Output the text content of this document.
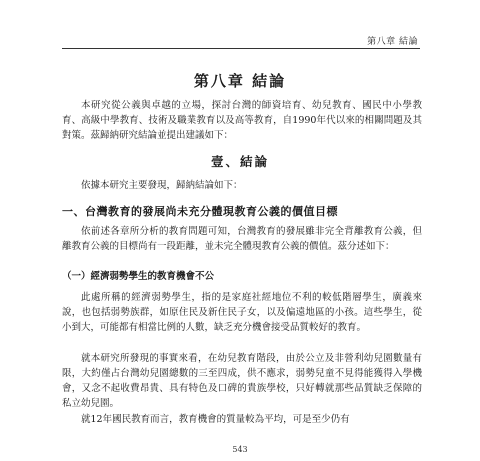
第八章 結論
第八章 結論

本研究從公義與卓越的立場，探討台灣的師資培育、幼兒教育、國民中小學教育、高級中學教育、技術及職業教育以及高等教育，自1990年代以來的相關問題及其對策。茲歸納研究結論並提出建議如下：

壹、結論

依據本研究主要發現，歸納結論如下：

一、台灣教育的發展尚未充分體現教育公義的價值目標

依前述各章所分析的教育問題可知，台灣教育的發展雖非完全背離教育公義，但離教育公義的目標尚有一段距離，並未完全體現教育公義的價值。茲分述如下：

（一）經濟弱勢學生的教育機會不公

此處所稱的經濟弱勢學生，指的是家庭社經地位不利的較低階層學生，廣義來說，也包括弱勢族群，如原住民及新住民子女，以及偏遠地區的小孩。這些學生，從小到大，可能都有相當比例的人數，缺乏充分機會接受品質較好的教育。

就本研究所發現的事實來看，在幼兒教育階段，由於公立及非營利幼兒園數量有限，大約僅占台灣幼兒園總數的三至四成，供不應求，弱勢兒童不見得能獲得入學機會，又念不起收費昂貴、具有特色及口碑的貴族學校，只好轉就那些品質缺乏保障的私立幼兒園。

就12年國民教育而言，教育機會的質量較為平均，可是至少仍有

543
